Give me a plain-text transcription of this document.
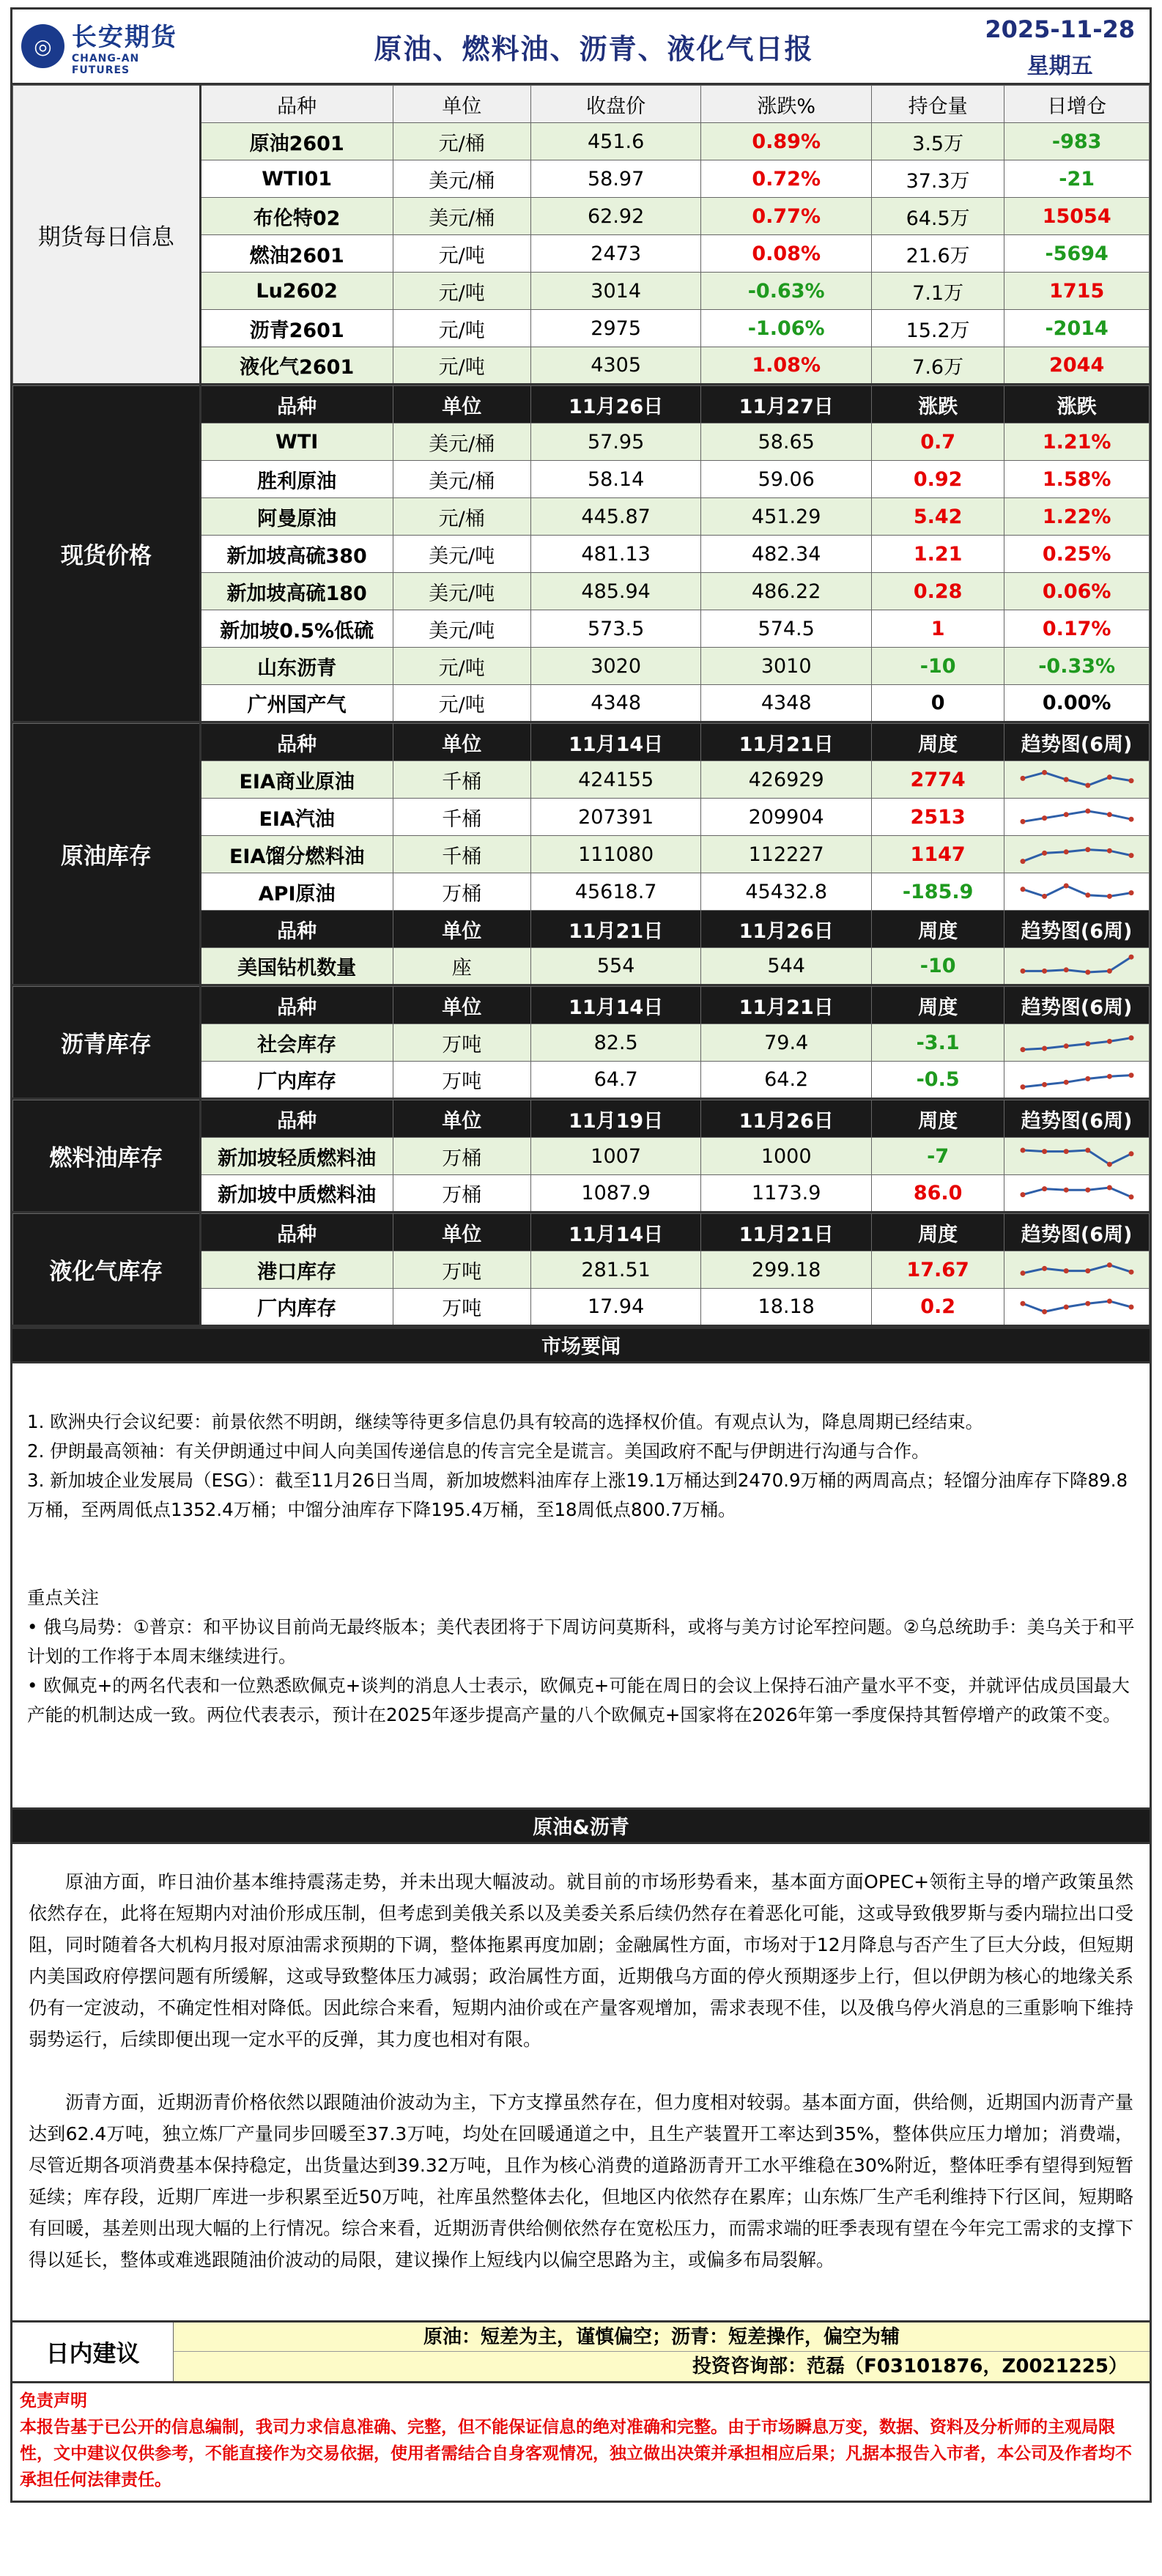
◎ 长安期货
CHANG-AN FUTURES
原油、燃料油、沥青、液化气日报
2025-11-28
星期五
期货每日信息	品种	单位	收盘价	涨跌%	持仓量	日增仓
	原油2601	元/桶	451.6	0.89%	3.5万	-983
	WTI01	美元/桶	58.97	0.72%	37.3万	-21
	布伦特02	美元/桶	62.92	0.77%	64.5万	15054
	燃油2601	元/吨	2473	0.08%	21.6万	-5694
	Lu2602	元/吨	3014	-0.63%	7.1万	1715
	沥青2601	元/吨	2975	-1.06%	15.2万	-2014
	液化气2601	元/吨	4305	1.08%	7.6万	2044
现货价格	品种	单位	11月26日	11月27日	涨跌	涨跌
	WTI	美元/桶	57.95	58.65	0.7	1.21%
	胜利原油	美元/桶	58.14	59.06	0.92	1.58%
	阿曼原油	元/桶	445.87	451.29	5.42	1.22%
	新加坡高硫380	美元/吨	481.13	482.34	1.21	0.25%
	新加坡高硫180	美元/吨	485.94	486.22	0.28	0.06%
	新加坡0.5%低硫	美元/吨	573.5	574.5	1	0.17%
	山东沥青	元/吨	3020	3010	-10	-0.33%
	广州国产气	元/吨	4348	4348	0	0.00%
原油库存	品种	单位	11月14日	11月21日	周度	趋势图(6周)
	EIA商业原油	千桶	424155	426929	2774	

	EIA汽油	千桶	207391	209904	2513	

	EIA馏分燃料油	千桶	111080	112227	1147	

	API原油	万桶	45618.7	45432.8	-185.9	

	品种	单位	11月21日	11月26日	周度	趋势图(6周)
	美国钻机数量	座	554	544	-10	
沥青库存	品种	单位	11月14日	11月21日	周度	趋势图(6周)
	社会库存	万吨	82.5	79.4	-3.1	

	厂内库存	万吨	64.7	64.2	-0.5	
燃料油库存	品种	单位	11月19日	11月26日	周度	趋势图(6周)
	新加坡轻质燃料油	万桶	1007	1000	-7	

	新加坡中质燃料油	万桶	1087.9	1173.9	86.0	
液化气库存	品种	单位	11月14日	11月21日	周度	趋势图(6周)
	港口库存	万吨	281.51	299.18	17.67	

	厂内库存	万吨	17.94	18.18	0.2	
市场要闻

1. 欧洲央行会议纪要：前景依然不明朗，继续等待更多信息仍具有较高的选择权价值。有观点认为，降息周期已经结束。

2. 伊朗最高领袖：有关伊朗通过中间人向美国传递信息的传言完全是谎言。美国政府不配与伊朗进行沟通与合作。

3. 新加坡企业发展局（ESG）：截至11月26日当周，新加坡燃料油库存上涨19.1万桶达到2470.9万桶的两周高点；轻馏分油库存下降89.8万桶，至两周低点1352.4万桶；中馏分油库存下降195.4万桶，至18周低点800.7万桶。

重点关注

• 俄乌局势：①普京：和平协议目前尚无最终版本；美代表团将于下周访问莫斯科，或将与美方讨论军控问题。②乌总统助手：美乌关于和平计划的工作将于本周末继续进行。

• 欧佩克+的两名代表和一位熟悉欧佩克+谈判的消息人士表示，欧佩克+可能在周日的会议上保持石油产量水平不变，并就评估成员国最大产能的机制达成一致。两位代表表示，预计在2025年逐步提高产量的八个欧佩克+国家将在2026年第一季度保持其暂停增产的政策不变。

原油&沥青

原油方面，昨日油价基本维持震荡走势，并未出现大幅波动。就目前的市场形势看来，基本面方面OPEC+领衔主导的增产政策虽然依然存在，此将在短期内对油价形成压制，但考虑到美俄关系以及美委关系后续仍然存在着恶化可能，这或导致俄罗斯与委内瑞拉出口受阻，同时随着各大机构月报对原油需求预期的下调，整体拖累再度加剧；金融属性方面，市场对于12月降息与否产生了巨大分歧，但短期内美国政府停摆问题有所缓解，这或导致整体压力减弱；政治属性方面，近期俄乌方面的停火预期逐步上行，但以伊朗为核心的地缘关系仍有一定波动，不确定性相对降低。因此综合来看，短期内油价或在产量客观增加，需求表现不佳，以及俄乌停火消息的三重影响下维持弱势运行，后续即便出现一定水平的反弹，其力度也相对有限。

沥青方面，近期沥青价格依然以跟随油价波动为主，下方支撑虽然存在，但力度相对较弱。基本面方面，供给侧，近期国内沥青产量达到62.4万吨，独立炼厂产量同步回暖至37.3万吨，均处在回暖通道之中，且生产装置开工率达到35%，整体供应压力增加；消费端，尽管近期各项消费基本保持稳定，出货量达到39.32万吨，且作为核心消费的道路沥青开工水平维稳在30%附近，整体旺季有望得到短暂延续；库存段，近期厂库进一步积累至近50万吨，社库虽然整体去化，但地区内依然存在累库；山东炼厂生产毛利维持下行区间，短期略有回暖，基差则出现大幅的上行情况。综合来看，近期沥青供给侧依然存在宽松压力，而需求端的旺季表现有望在今年完工需求的支撑下得以延长，整体或难逃跟随油价波动的局限，建议操作上短线内以偏空思路为主，或偏多布局裂解。

日内建议
原油：短差为主，谨慎偏空；沥青：短差操作，偏空为辅
投资咨询部：范磊（F03101876，Z0021225）
免责声明
本报告基于已公开的信息编制，我司力求信息准确、完整，但不能保证信息的绝对准确和完整。由于市场瞬息万变，数据、资料及分析师的主观局限性，文中建议仅供参考，不能直接作为交易依据，使用者需结合自身客观情况，独立做出决策并承担相应后果；凡据本报告入市者，本公司及作者均不承担任何法律责任。
